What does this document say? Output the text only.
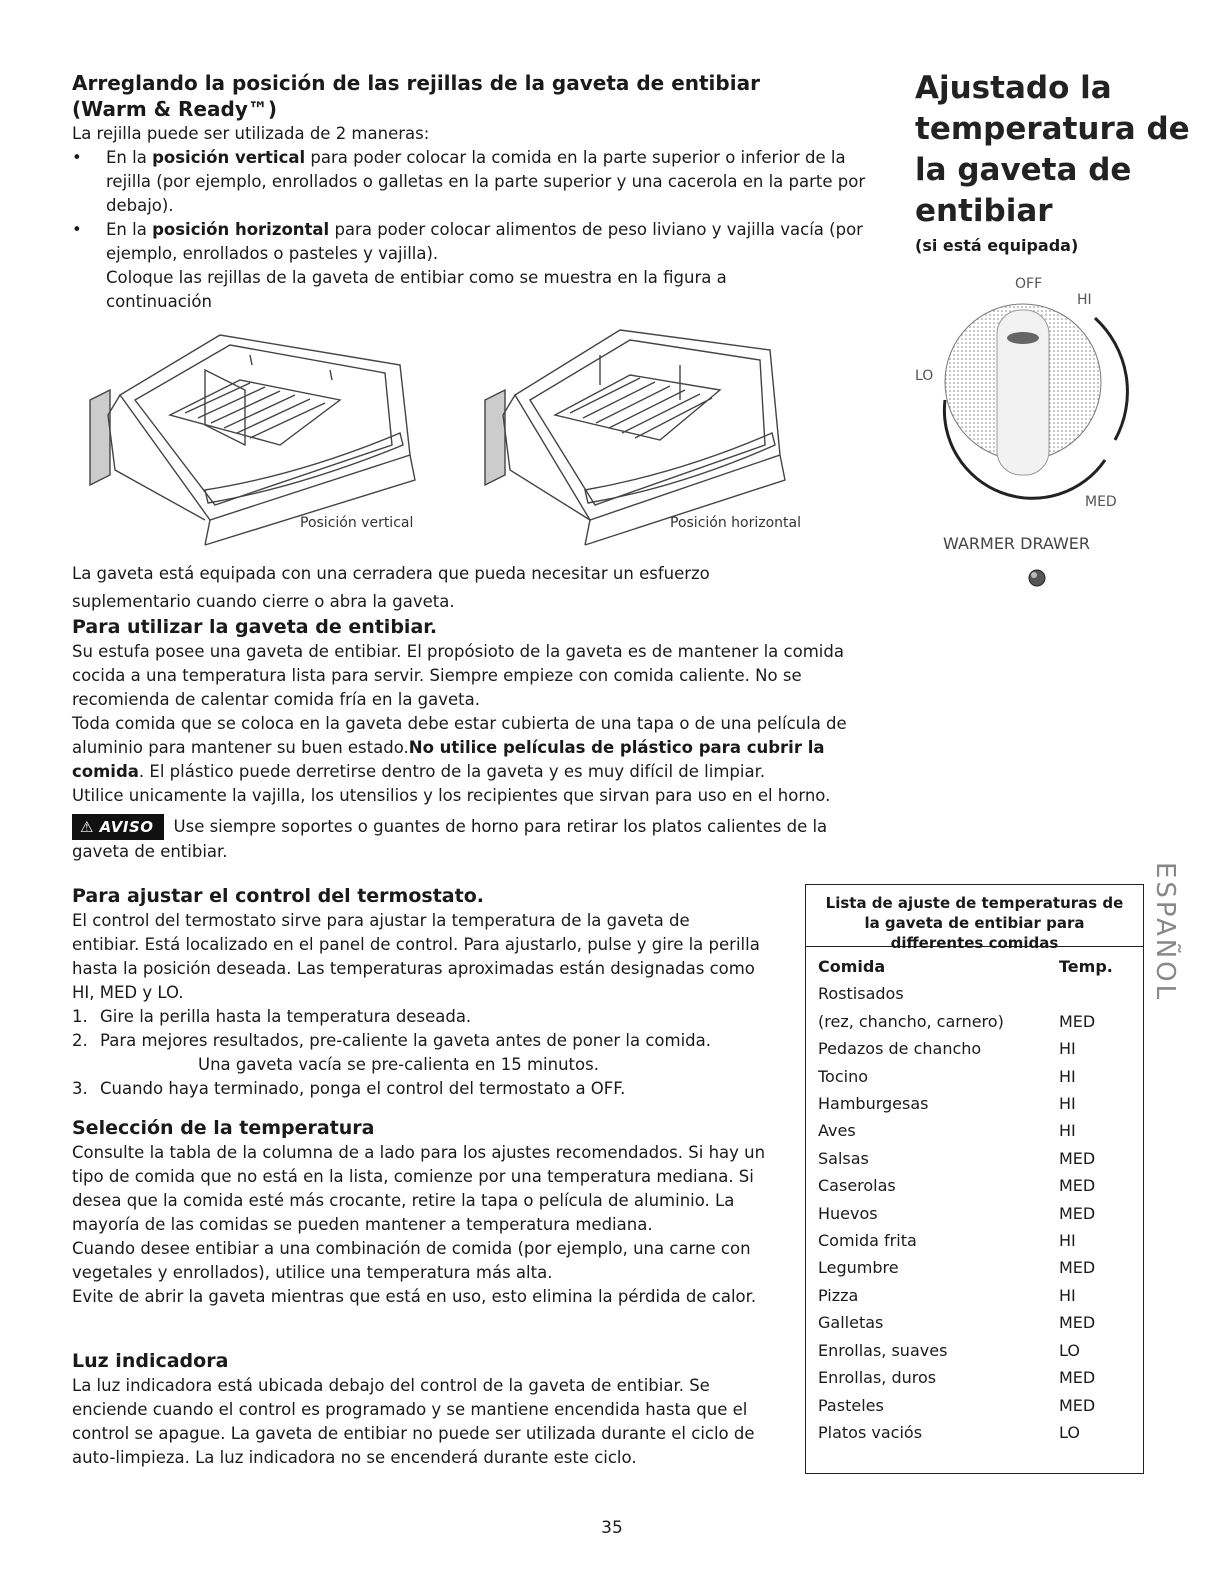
Arreglando la posición de las rejillas de la gaveta de entibiar
(Warm & Ready™)

La rejilla puede ser utilizada de 2 maneras:

• En la posición vertical para poder colocar la comida en la parte superior o inferior de la rejilla (por ejemplo, enrollados o galletas en la parte superior y una cacerola en la parte por debajo).

• En la posición horizontal para poder colocar alimentos de peso liviano y vajilla vacía (por ejemplo, enrollados o pasteles y vajilla).
Coloque las rejillas de la gaveta de entibiar como se muestra en la figura a continuación

Posición vertical	Posición horizontal

La gaveta está equipada con una cerradera que pueda necesitar un esfuerzo suplementario cuando cierre o abra la gaveta.

Para utilizar la gaveta de entibiar.

Su estufa posee una gaveta de entibiar. El propósioto de la gaveta es de mantener la comida cocida a una temperatura lista para servir. Siempre empieze con comida caliente. No se recomienda de calentar comida fría en la gaveta.

Toda comida que se coloca en la gaveta debe estar cubierta de una tapa o de una película de aluminio para mantener su buen estado.No utilice películas de plástico para cubrir la comida. El plástico puede derretirse dentro de la gaveta y es muy difícil de limpiar.

Utilice unicamente la vajilla, los utensilios y los recipientes que sirvan para uso en el horno.

⚠ AVISO Use siempre soportes o guantes de horno para retirar los platos calientes de la gaveta de entibiar.

Para ajustar el control del termostato.

El control del termostato sirve para ajustar la temperatura de la gaveta de entibiar. Está localizado en el panel de control. Para ajustarlo, pulse y gire la perilla hasta la posición deseada. Las temperaturas aproximadas están designadas como HI, MED y LO.

1. Gire la perilla hasta la temperatura deseada.

2. Para mejores resultados, pre-caliente la gaveta antes de poner la comida.

Una gaveta vacía se pre-calienta en 15 minutos.

3. Cuando haya terminado, ponga el control del termostato a OFF.

Selección de la temperatura

Consulte la tabla de la columna de a lado para los ajustes recomendados. Si hay un tipo de comida que no está en la lista, comienze por una temperatura mediana. Si desea que la comida esté más crocante, retire la tapa o película de aluminio. La mayoría de las comidas se pueden mantener a temperatura mediana.

Cuando desee entibiar a una combinación de comida (por ejemplo, una carne con vegetales y enrollados), utilice una temperatura más alta.

Evite de abrir la gaveta mientras que está en uso, esto elimina la pérdida de calor.

Luz indicadora

La luz indicadora está ubicada debajo del control de la gaveta de entibiar. Se enciende cuando el control es programado y se mantiene encendida hasta que el control se apague. La gaveta de entibiar no puede ser utilizada durante el ciclo de auto-limpieza. La luz indicadora no se encenderá durante este ciclo.

Ajustado la
temperatura de
la gaveta de
entibiar
(si está equipada)
OFF
HI
LO
MED
WARMER DRAWER
ESPAÑOL
Lista de ajuste de temperaturas de la gaveta de entibiar para differentes comidas
Comida	Temp.
Rostisados	
(rez, chancho, carnero)	MED
Pedazos de chancho	HI
Tocino	HI
Hamburgesas	HI
Aves	HI
Salsas	MED
Caserolas	MED
Huevos	MED
Comida frita	HI
Legumbre	MED
Pizza	HI
Galletas	MED
Enrollas, suaves	LO
Enrollas, duros	MED
Pasteles	MED
Platos vaciós	LO
35
